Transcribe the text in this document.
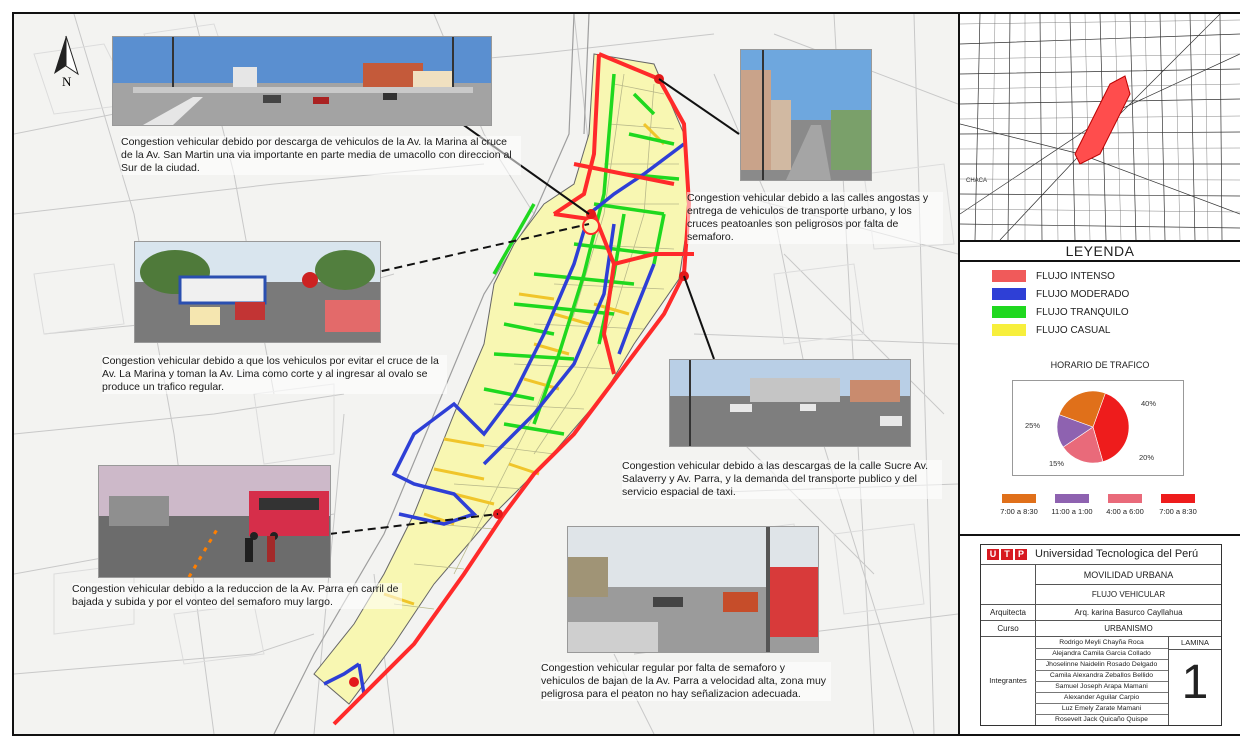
N
Congestion vehicular debido por descarga de vehiculos de la Av. la Marina al cruce de la Av. San Martin una via importante en parte media de umacollo con direccion al Sur de la ciudad.
Congestion vehicular debido a las calles angostas y entrega de vehiculos de transporte urbano, y los cruces peatoanles son peligrosos por falta de semaforo.
Congestion vehicular debido a que los vehiculos por evitar el cruce de la Av. La Marina y toman la Av. Lima como corte y al ingresar al ovalo se produce un trafico regular.
Congestion vehicular debido a las descargas de la calle Sucre Av. Salaverry y Av. Parra, y la demanda del transporte publico y del servicio espacial de taxi.
Congestion vehicular debido a la reduccion de la Av. Parra en carril de bajada y subida y por el vonteo del semaforo muy largo.
Congestion vehicular regular por falta de semaforo y vehiculos de bajan de la Av. Parra a velocidad alta, zona muy peligrosa para el peaton no hay señalizacion adecuada.
CHACA
LEYENDA
FLUJO INTENSO
FLUJO MODERADO
FLUJO TRANQUILO
FLUJO CASUAL
HORARIO DE TRAFICO
40%
20%
15%
25%
7:00 a 8:30	11:00 a 1:00	4:00 a 6:00	7:00 a 8:30
U T P Universidad Tecnologica del Perú
MOVILIDAD URBANA
FLUJO VEHICULAR
Arquitecta	Arq. karina Basurco Cayllahua
Curso	URBANISMO
Integrantes
LAMINA
1
Rodrigo Meyli Chayña Roca
Alejandra Camila Garcia Collado
Jhoselinne Naidelin Rosado Delgado
Camila Alexandra Zeballos Bellido
Samuel Joseph Arapa Mamani
Alexander Aguilar Carpio
Luz Emely Zarate Mamani
Rosevelt Jack Quicaño Quispe
